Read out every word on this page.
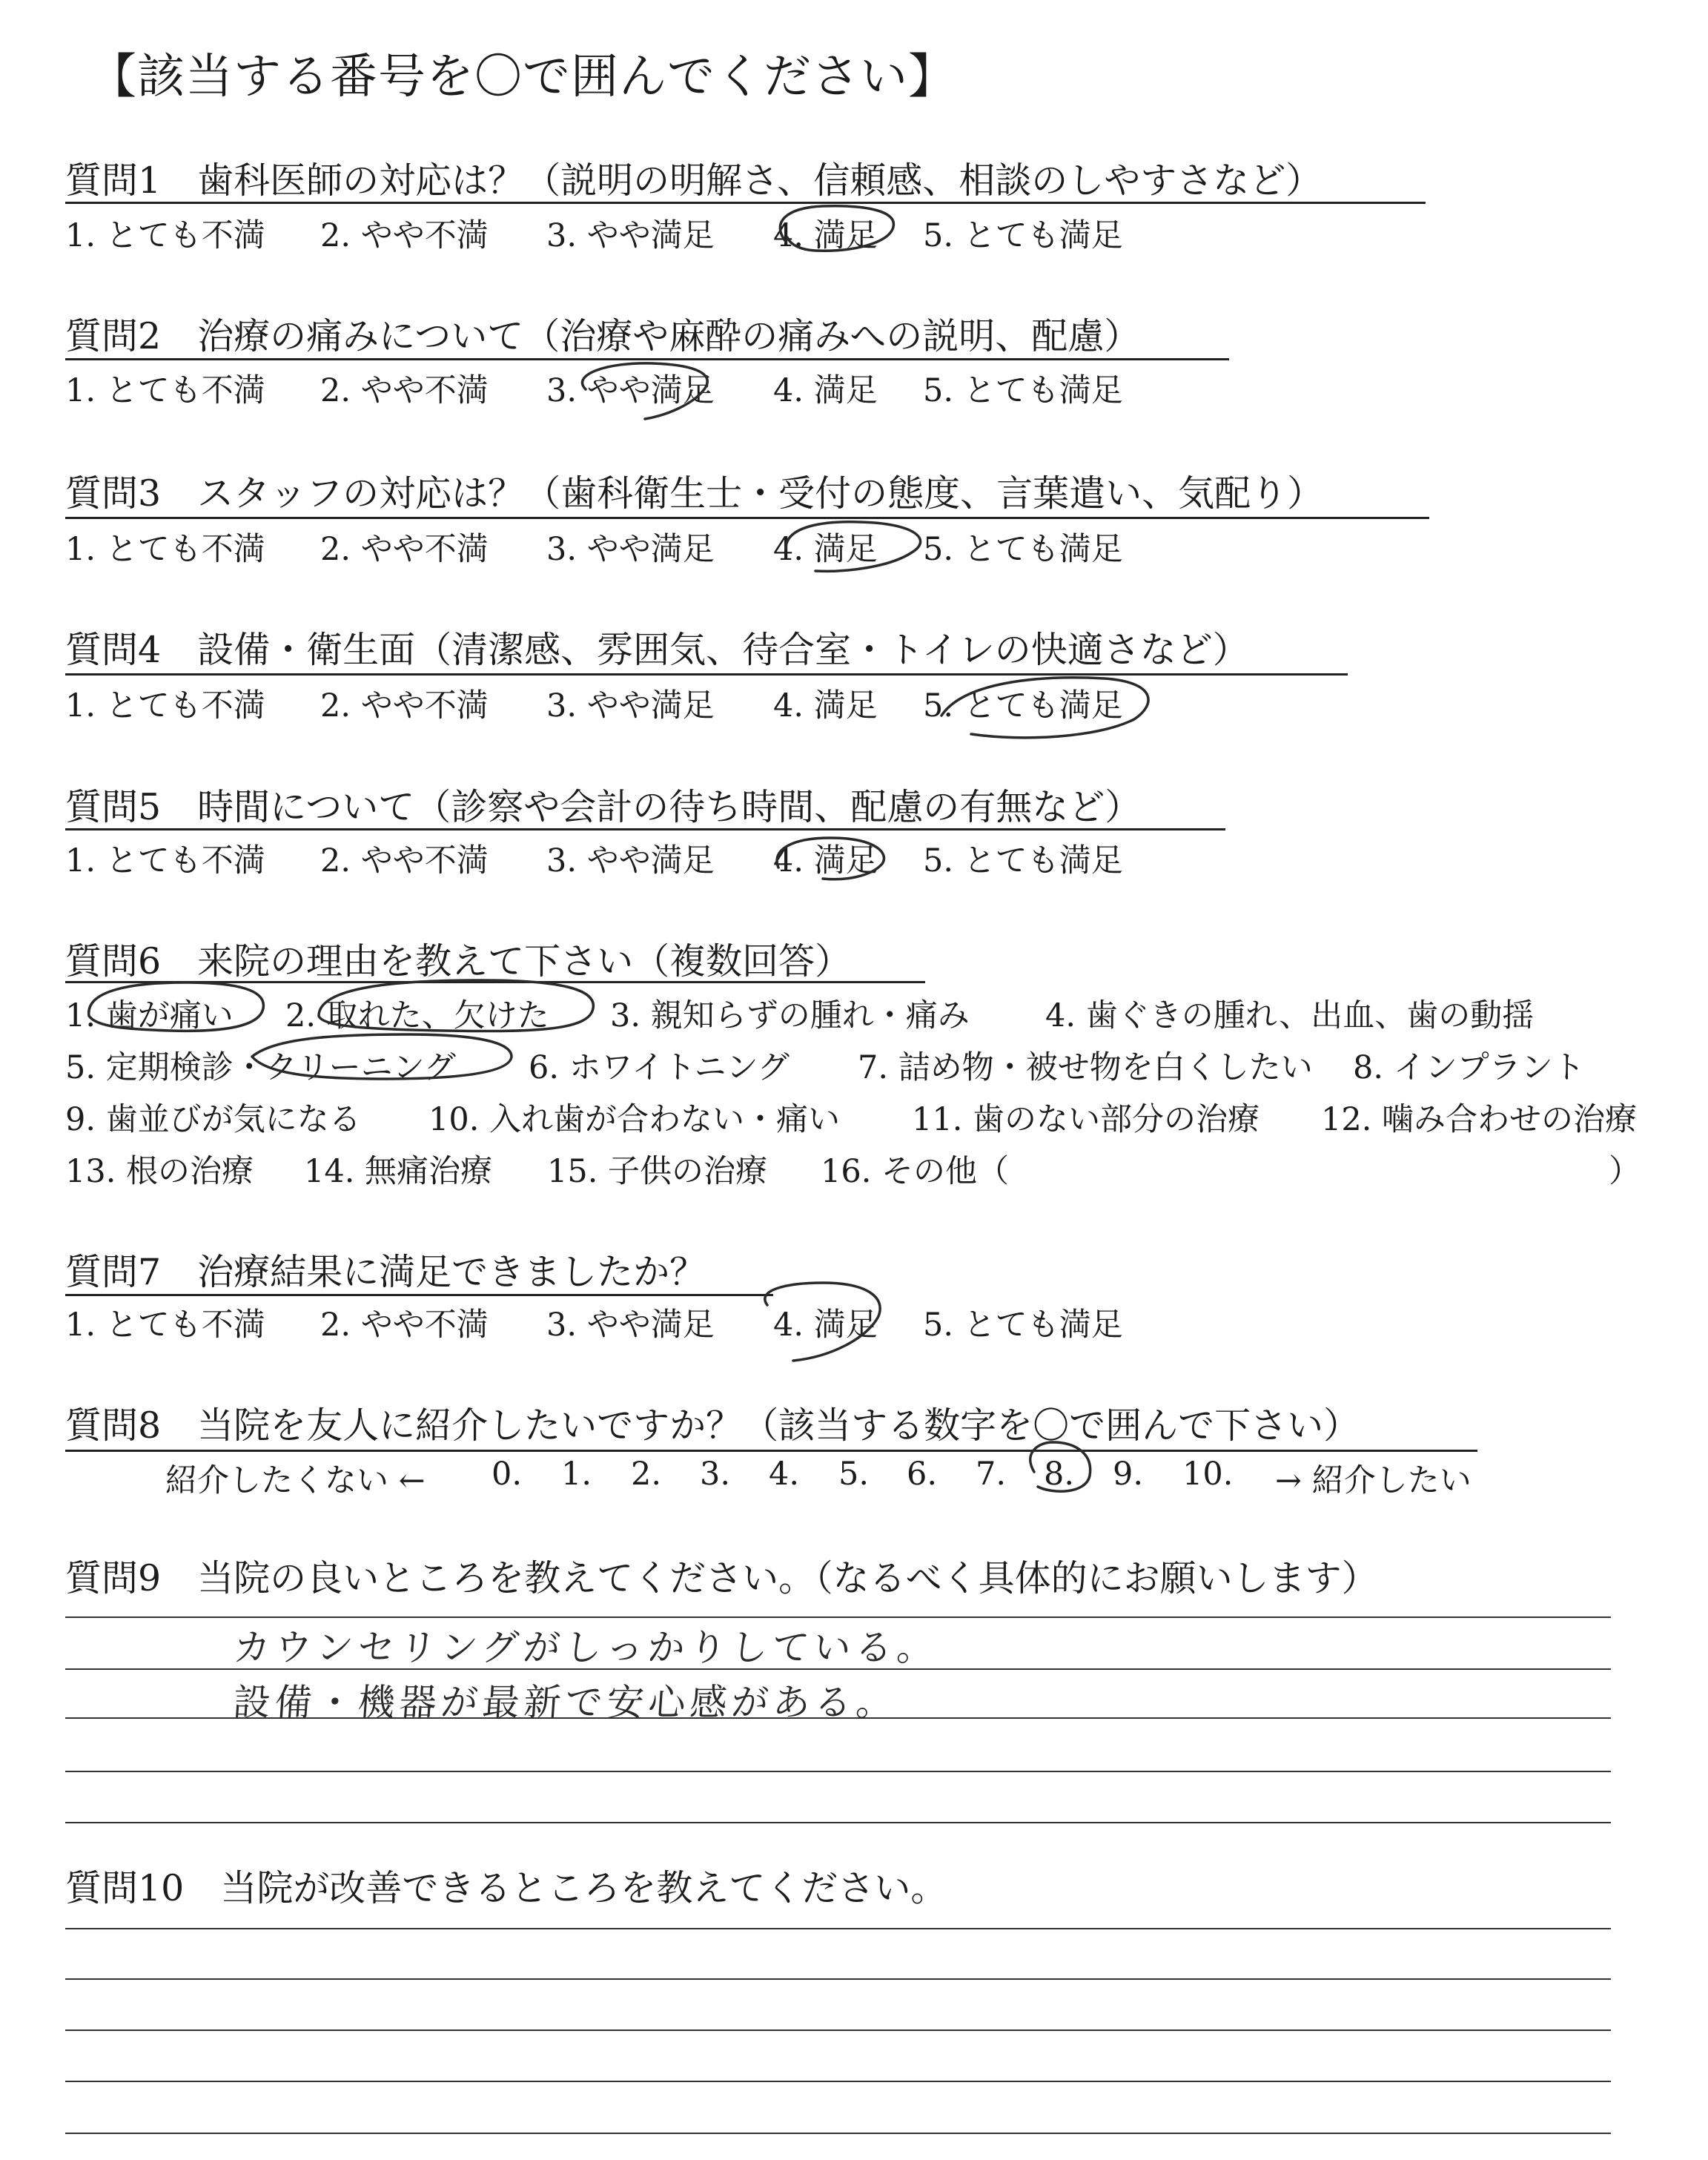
【該当する番号を〇で囲んでください】
質問1　歯科医師の対応は？（説明の明解さ、信頼感、相談のしやすさなど）
1. とても不満 2. やや不満 3. やや満足 4. 満足 5. とても満足
質問2　治療の痛みについて（治療や麻酔の痛みへの説明、配慮）
1. とても不満 2. やや不満 3. やや満足 4. 満足 5. とても満足
質問3　スタッフの対応は？（歯科衛生士・受付の態度、言葉遣い、気配り）
1. とても不満 2. やや不満 3. やや満足 4. 満足 5. とても満足
質問4　設備・衛生面（清潔感、雰囲気、待合室・トイレの快適さなど）
1. とても不満 2. やや不満 3. やや満足 4. 満足 5. とても満足
質問5　時間について（診察や会計の待ち時間、配慮の有無など）
1. とても不満 2. やや不満 3. やや満足 4. 満足 5. とても満足
質問6　来院の理由を教えて下さい（複数回答）
1. 歯が痛い 2. 取れた、欠けた 3. 親知らずの腫れ・痛み 4. 歯ぐきの腫れ、出血、歯の動揺
5. 定期検診・クリーニング 6. ホワイトニング 7. 詰め物・被せ物を白くしたい 8. インプラント
9. 歯並びが気になる 10. 入れ歯が合わない・痛い 11. 歯のない部分の治療 12. 噛み合わせの治療
13. 根の治療 14. 無痛治療 15. 子供の治療 16. その他（	）
質問7　治療結果に満足できましたか？
1. とても不満 2. やや不満 3. やや満足 4. 満足 5. とても満足
質問8　当院を友人に紹介したいですか？（該当する数字を〇で囲んで下さい）
紹介したくない ← 0. 1. 2. 3. 4. 5. 6. 7. 8. 9. 10. → 紹介したい
質問9　当院の良いところを教えてください。（なるべく具体的にお願いします）
カウンセリングがしっかりしている。
設備・機器が最新で安心感がある。
質問10　当院が改善できるところを教えてください。
